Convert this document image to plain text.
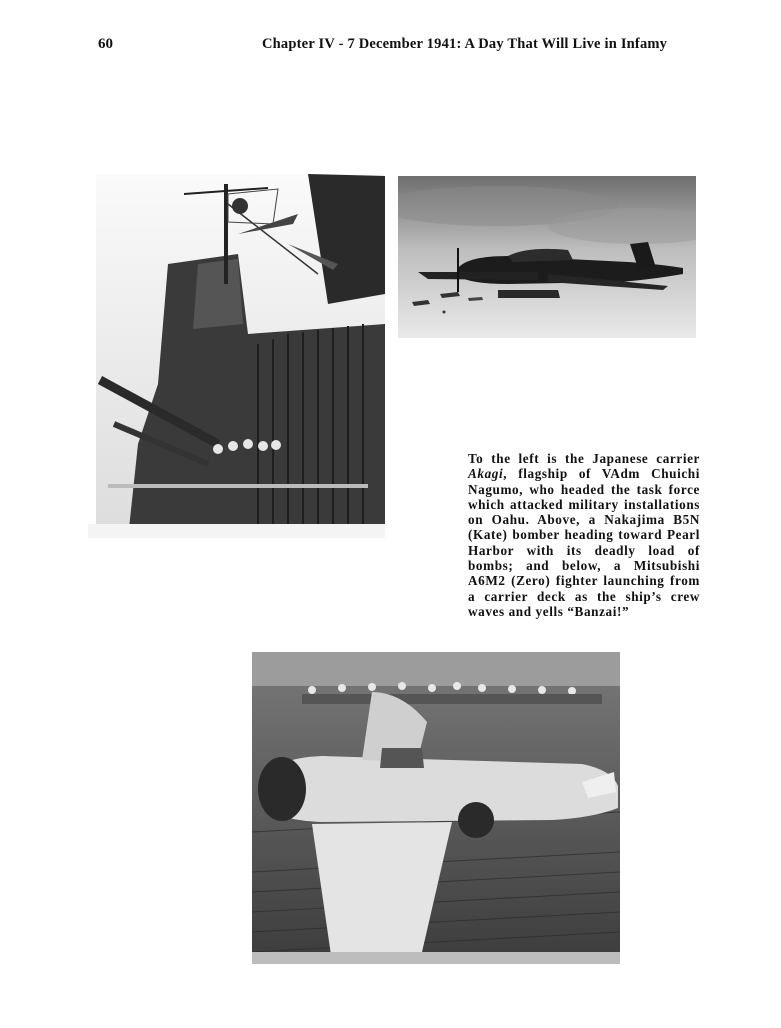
60	Chapter IV - 7 December 1941: A Day That Will Live in Infamy

To the left is the Japanese carrier Akagi, flagship of VAdm Chuichi Nagumo, who headed the task force which attacked military installations on Oahu. Above, a Nakajima B5N (Kate) bomber heading toward Pearl Harbor with its deadly load of bombs; and below, a Mitsubishi A6M2 (Zero) fighter launching from a carrier deck as the ship’s crew waves and yells “Banzai!”
